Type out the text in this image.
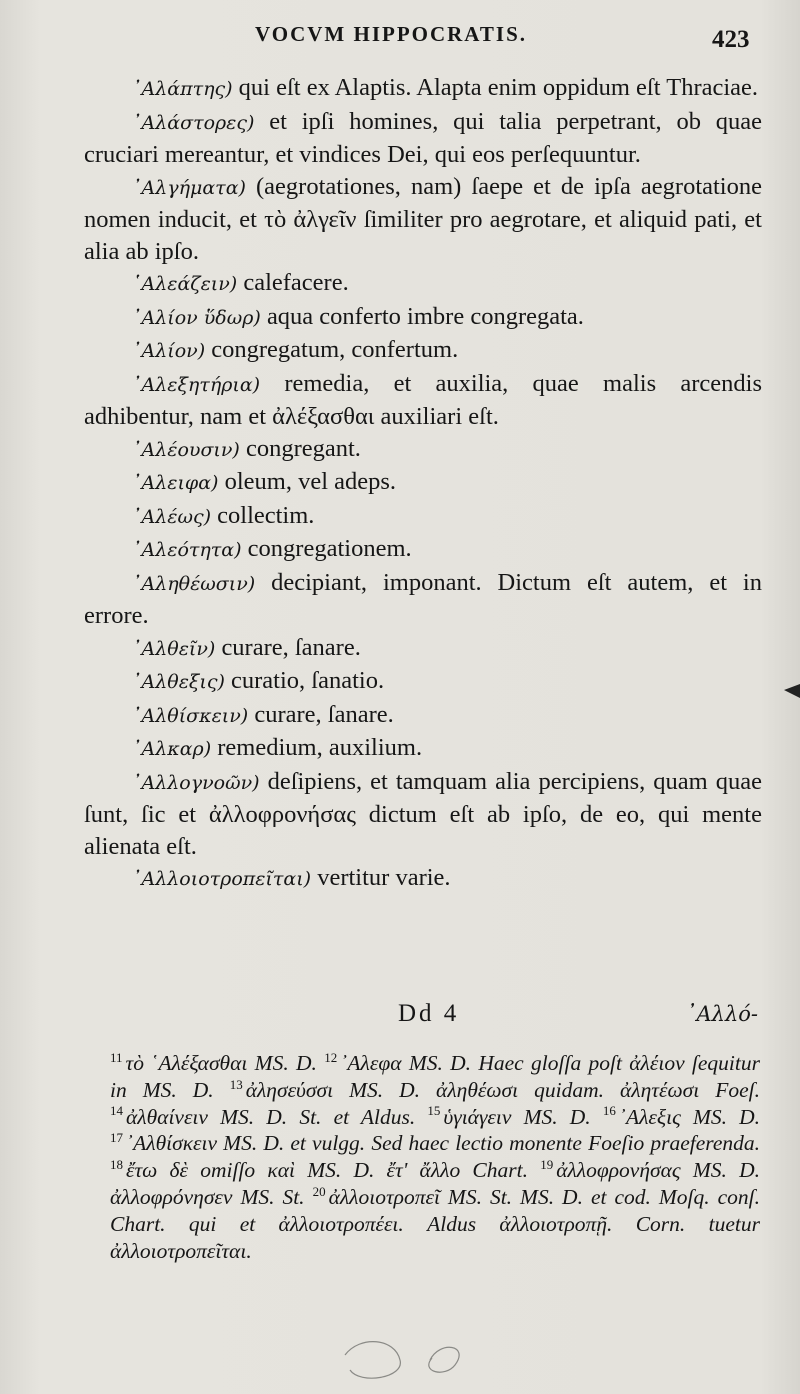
VOCVM HIPPOCRATIS.	423

᾿Αλάπτης) qui eſt ex Alaptis. Alapta enim oppidum eſt Thraciae.

᾿Αλάστορες) et ipſi homines, qui talia perpetrant, ob quae cruciari mereantur, et vindices Dei, qui eos perſequuntur.

᾿Αλγήματα) (aegrotationes, nam) ſaepe et de ipſa aegrotatione nomen inducit, et τὸ ἀλγεῖν ſimiliter pro aegrotare, et aliquid pati, et alia ab ipſo.

῾Αλεάζειν) calefacere.

᾿Αλίον ὕδωρ) aqua conferto imbre congregata.

᾿Αλίον) congregatum, confertum.

᾿Αλεξητήρια) remedia, et auxilia, quae malis arcendis adhibentur, nam et ἀλέξασθαι auxiliari eſt.

᾿Αλέουσιν) congregant.

᾿Αλειφα) oleum, vel adeps.

᾿Αλέως) collectim.

᾿Αλεότητα) congregationem.

᾿Αληθέωσιν) decipiant, imponant. Dictum eſt autem, et in errore.

᾿Αλθεῖν) curare, ſanare.

᾿Αλθεξις) curatio, ſanatio.

᾿Αλθίσκειν) curare, ſanare.

᾿Αλκαρ) remedium, auxilium.

᾿Αλλογνοῶν) deſipiens, et tamquam alia percipiens, quam quae ſunt, ſic et ἀλλοφρονήσας dictum eſt ab ipſo, de eo, qui mente alienata eſt.

᾿Αλλοιοτροπεῖται) vertitur varie.

Dd 4	᾿Αλλό-

$^{11}$ τὸ ῾Αλέξασθαι MS. D. $^{12}$ ᾿Αλεφα MS. D. Haec gloſſa poſt ἀλέιον ſequitur in MS. D. $^{13}$ ἀλησεύσσι MS. D. ἀληθέωσι quidam. ἀλητέωσι Foeſ. $^{14}$ ἀλθαίνειν MS. D. St. et Aldus. $^{15}$ ὑγιάγειν MS. D. $^{16}$ ᾿Αλεξις MS. D. $^{17}$ ᾿Αλθίσκειν MS. D. et vulgg. Sed haec lectio monente Foeſio praeferenda. $^{18}$ ἔτω δὲ omiſſo καὶ MS. D. ἔτ' ἄλλο Chart. $^{19}$ ἀλλοφρονήσας MS. D. ἀλλοφρόνησεν MS. St. $^{20}$ ἀλλοιοτροπεῖ MS. St. MS. D. et cod. Moſq. conſ. Chart. qui et ἀλλοιοτροπέει. Aldus ἀλλοιοτροπῇ. Corn. tuetur ἀλλοιοτροπεῖται.
